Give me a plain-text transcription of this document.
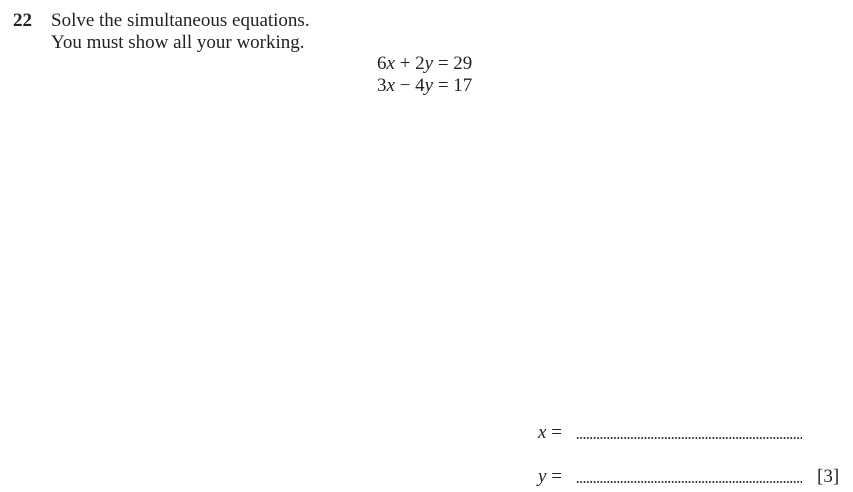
22 Solve the simultaneous equations.
You must show all your working.
6x + 2y = 29
3x − 4y = 17
x =
y =	[3]
